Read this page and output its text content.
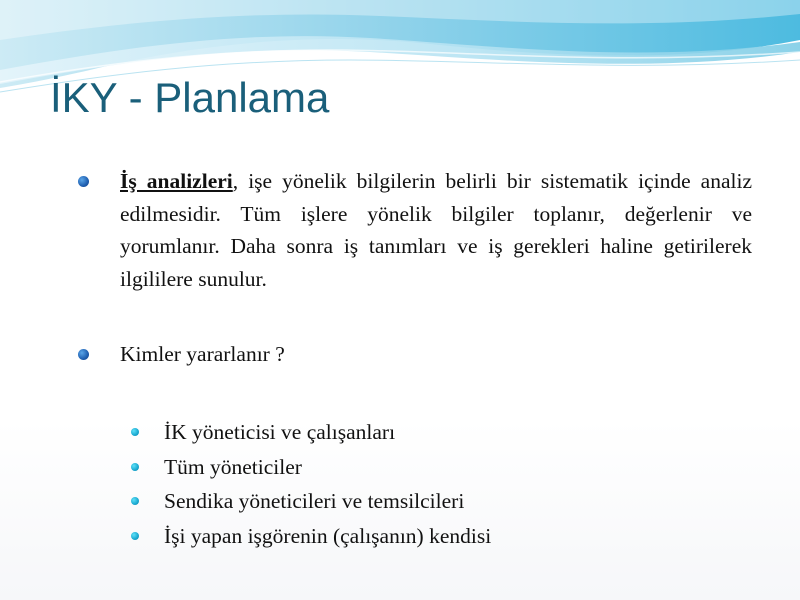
İKY - Planlama
İş analizleri, işe yönelik bilgilerin belirli bir sistematik içinde analiz edilmesidir. Tüm işlere yönelik bilgiler toplanır, değerlenir ve yorumlanır. Daha sonra iş tanımları ve iş gerekleri haline getirilerek ilgililere sunulur.
Kimler yararlanır ?
İK yöneticisi ve çalışanları
Tüm yöneticiler
Sendika yöneticileri ve temsilcileri
İşi yapan işgörenin (çalışanın) kendisi
